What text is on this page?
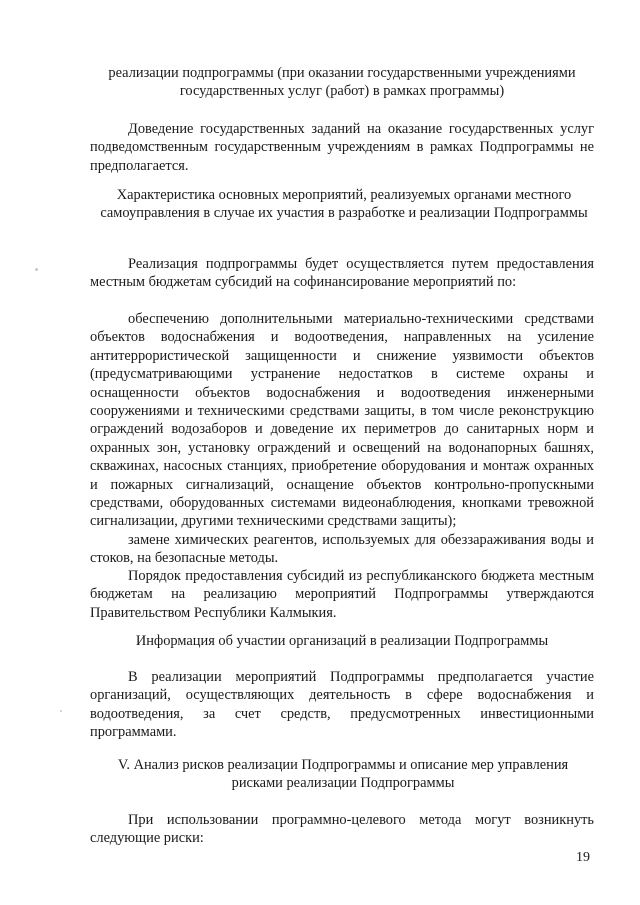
реализации подпрограммы (при оказании государственными учреждениями государственных услуг (работ) в рамках программы)

Доведение государственных заданий на оказание государственных услуг подведомственным государственным учреждениям в рамках Подпрограммы не предполагается.

Характеристика основных мероприятий, реализуемых органами местного самоуправления в случае их участия в разработке и реализации Подпрограммы

Реализация подпрограммы будет осуществляется путем предоставления местным бюджетам субсидий на софинансирование мероприятий по:

обеспечению дополнительными материально-техническими средствами объектов водоснабжения и водоотведения, направленных на усиление антитеррористической защищенности и снижение уязвимости объектов (предусматривающими устранение недостатков в системе охраны и оснащенности объектов водоснабжения и водоотведения инженерными сооружениями и техническими средствами защиты, в том числе реконструкцию ограждений водозаборов и доведение их периметров до санитарных норм и охранных зон, установку ограждений и освещений на водонапорных башнях, скважинах, насосных станциях, приобретение оборудования и монтаж охранных и пожарных сигнализаций, оснащение объектов контрольно-пропускными средствами, оборудованных системами видеонаблюдения, кнопками тревожной сигнализации, другими техническими средствами защиты);

замене химических реагентов, используемых для обеззараживания воды и стоков, на безопасные методы.

Порядок предоставления субсидий из республиканского бюджета местным бюджетам на реализацию мероприятий Подпрограммы утверждаются Правительством Республики Калмыкия.

Информация об участии организаций в реализации Подпрограммы

В реализации мероприятий Подпрограммы предполагается участие организаций, осуществляющих деятельность в сфере водоснабжения и водоотведения, за счет средств, предусмотренных инвестиционными программами.

V. Анализ рисков реализации Подпрограммы и описание мер управления рисками реализации Подпрограммы

При использовании программно-целевого метода могут возникнуть следующие риски:

19
